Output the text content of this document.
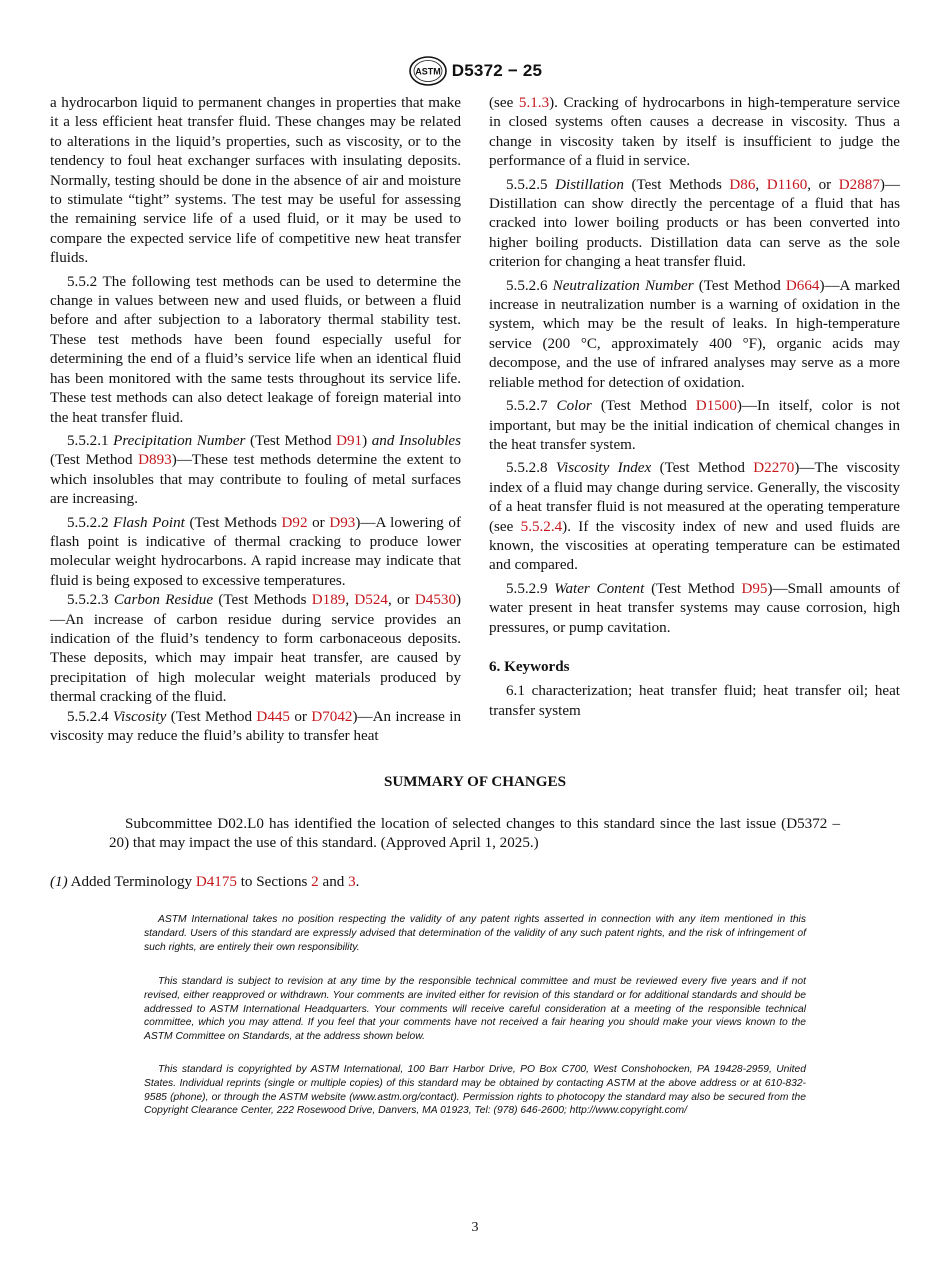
ASTM D5372 − 25

a hydrocarbon liquid to permanent changes in properties that make it a less efficient heat transfer fluid. These changes may be related to alterations in the liquid’s properties, such as viscosity, or to the tendency to foul heat exchanger surfaces with insulating deposits. Normally, testing should be done in the absence of air and moisture to stimulate “tight” systems. The test may be useful for assessing the remaining service life of a used fluid, or it may be used to compare the expected service life of competitive new heat transfer fluids.

5.5.2 The following test methods can be used to determine the change in values between new and used fluids, or between a fluid before and after subjection to a laboratory thermal stability test. These test methods have been found especially useful for determining the end of a fluid’s service life when an identical fluid has been monitored with the same tests throughout its service life. These test methods can also detect leakage of foreign material into the heat transfer fluid.

5.5.2.1 Precipitation Number (Test Method D91) and Insolubles (Test Method D893)—These test methods determine the extent to which insolubles that may contribute to fouling of metal surfaces are increasing.

5.5.2.2 Flash Point (Test Methods D92 or D93)—A lowering of flash point is indicative of thermal cracking to produce lower molecular weight hydrocarbons. A rapid increase may indicate that fluid is being exposed to excessive temperatures.

5.5.2.3 Carbon Residue (Test Methods D189, D524, or D4530)—An increase of carbon residue during service provides an indication of the fluid’s tendency to form carbonaceous deposits. These deposits, which may impair heat transfer, are caused by precipitation of high molecular weight materials produced by thermal cracking of the fluid.

5.5.2.4 Viscosity (Test Method D445 or D7042)—An increase in viscosity may reduce the fluid’s ability to transfer heat

(see 5.1.3). Cracking of hydrocarbons in high-temperature service in closed systems often causes a decrease in viscosity. Thus a change in viscosity taken by itself is insufficient to judge the performance of a fluid in service.

5.5.2.5 Distillation (Test Methods D86, D1160, or D2887)—Distillation can show directly the percentage of a fluid that has cracked into lower boiling products or has been converted into higher boiling products. Distillation data can serve as the sole criterion for changing a heat transfer fluid.

5.5.2.6 Neutralization Number (Test Method D664)—A marked increase in neutralization number is a warning of oxidation in the system, which may be the result of leaks. In high-temperature service (200 °C, approximately 400 °F), organic acids may decompose, and the use of infrared analyses may serve as a more reliable method for detection of oxidation.

5.5.2.7 Color (Test Method D1500)—In itself, color is not important, but may be the initial indication of chemical changes in the heat transfer system.

5.5.2.8 Viscosity Index (Test Method D2270)—The viscosity index of a fluid may change during service. Generally, the viscosity of a heat transfer fluid is not measured at the operating temperature (see 5.5.2.4). If the viscosity index of new and used fluids are known, the viscosities at operating temperature can be estimated and compared.

5.5.2.9 Water Content (Test Method D95)—Small amounts of water present in heat transfer systems may cause corrosion, high pressures, or pump cavitation.

6. Keywords

6.1 characterization; heat transfer fluid; heat transfer oil; heat transfer system

SUMMARY OF CHANGES

Subcommittee D02.L0 has identified the location of selected changes to this standard since the last issue (D5372 – 20) that may impact the use of this standard. (Approved April 1, 2025.)

(1) Added Terminology D4175 to Sections 2 and 3.

ASTM International takes no position respecting the validity of any patent rights asserted in connection with any item mentioned in this standard. Users of this standard are expressly advised that determination of the validity of any such patent rights, and the risk of infringement of such rights, are entirely their own responsibility.

This standard is subject to revision at any time by the responsible technical committee and must be reviewed every five years and if not revised, either reapproved or withdrawn. Your comments are invited either for revision of this standard or for additional standards and should be addressed to ASTM International Headquarters. Your comments will receive careful consideration at a meeting of the responsible technical committee, which you may attend. If you feel that your comments have not received a fair hearing you should make your views known to the ASTM Committee on Standards, at the address shown below.

This standard is copyrighted by ASTM International, 100 Barr Harbor Drive, PO Box C700, West Conshohocken, PA 19428-2959, United States. Individual reprints (single or multiple copies) of this standard may be obtained by contacting ASTM at the above address or at 610-832-9585 (phone), or through the ASTM website (www.astm.org/contact). Permission rights to photocopy the standard may also be secured from the Copyright Clearance Center, 222 Rosewood Drive, Danvers, MA 01923, Tel: (978) 646-2600; http://www.copyright.com/

3
